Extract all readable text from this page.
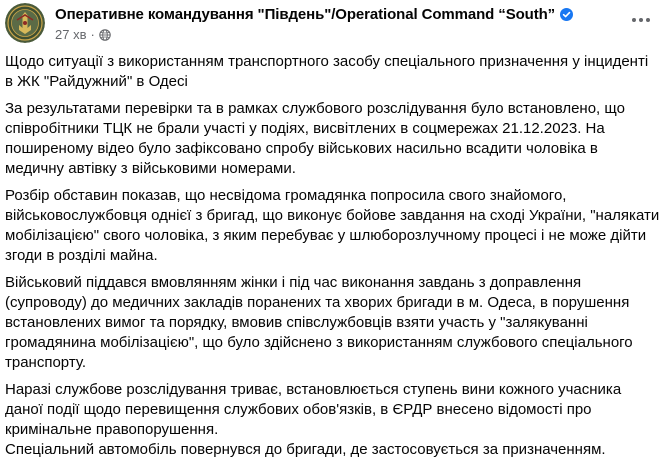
Оперативне командування "Південь"/Operational Command “South”
27 хв ·

Щодо ситуації з використанням транспортного засобу спеціального призначення у інциденті в ЖК "Райдужний" в Одесі

За результатами перевірки та в рамках службового розслідування було встановлено, що співробітники ТЦК не брали участі у подіях, висвітлених в соцмережах 21.12.2023. На поширеному відео було зафіксовано спробу військових насильно всадити чоловіка в медичну автівку з військовими номерами.

Розбір обставин показав, що несвідома громадянка попросила свого знайомого, військовослужбовця однієї з бригад, що виконує бойове завдання на сході України, "налякати мобілізацією" свого чоловіка, з яким перебуває у шлюборозлучному процесі і не може дійти згоди в розділі майна.

Військовий піддався вмовлянням жінки і під час виконання завдань з доправлення (супроводу) до медичних закладів поранених та хворих бригади в м. Одеса, в порушення встановлених вимог та порядку, вмовив співслужбовців взяти участь у "залякуванні громадянина мобілізацією", що було здійснено з використанням службового спеціального транспорту.

Наразі службове розслідування триває, встановлюється ступень вини кожного учасника даної події щодо перевищення службових обов'язків, в ЄРДР внесено відомості про кримінальне правопорушення.
Спеціальний автомобіль повернувся до бригади, де застосовується за призначенням.
